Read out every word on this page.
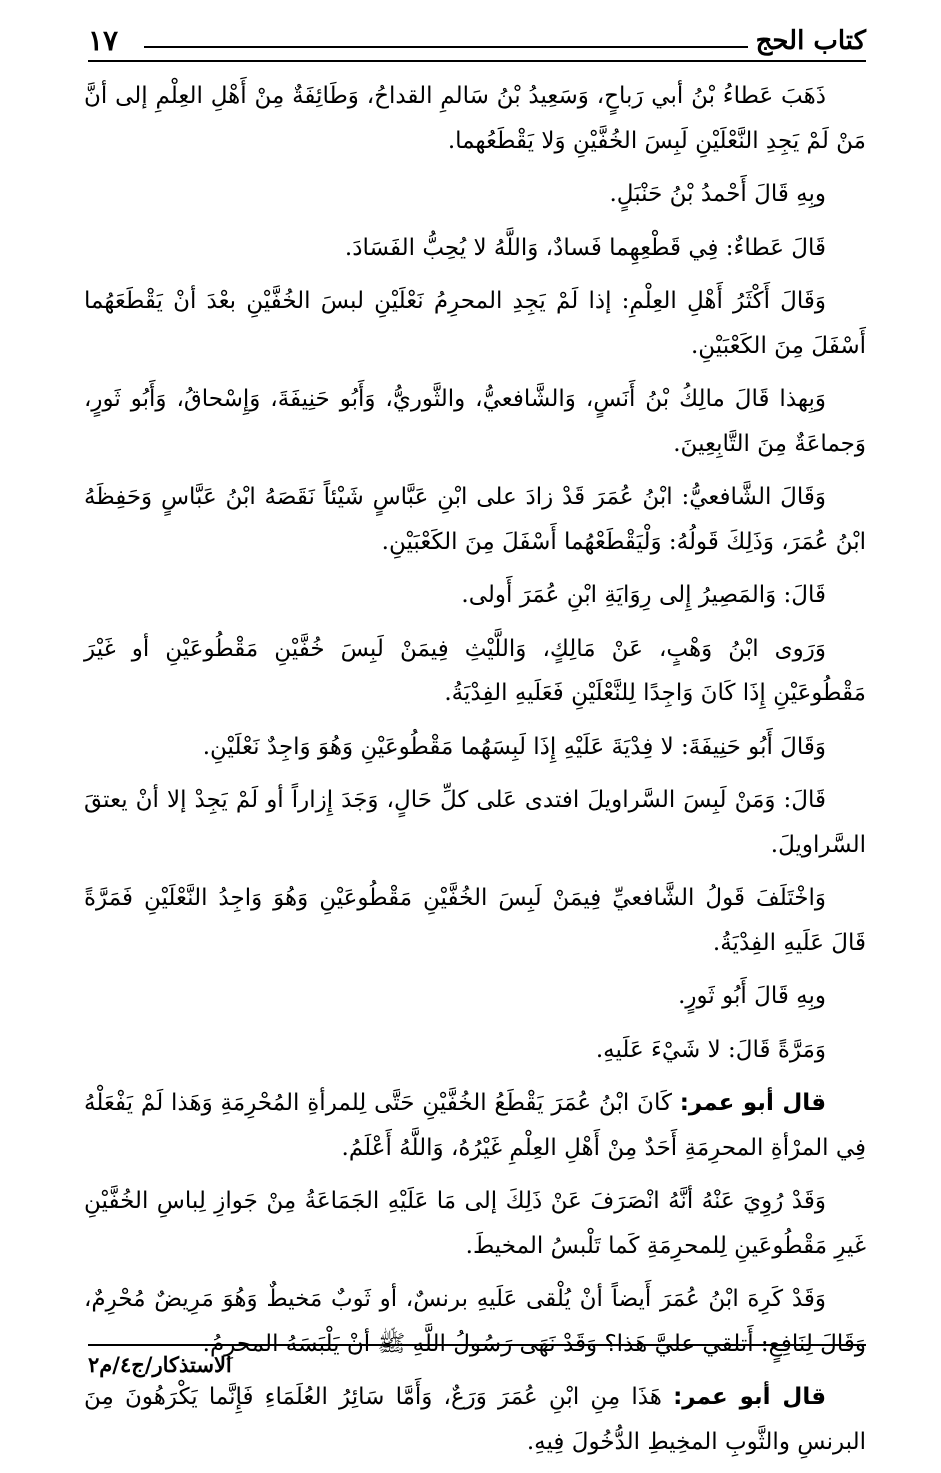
كتاب الحج
١٧

ذَهَبَ عَطاءُ بْنُ أبي رَباحٍ، وَسَعِيدُ بْنُ سَالمِ القداحُ، وَطَائِفَةٌ مِنْ أَهْلِ العِلْمِ إلى أنَّ مَنْ لَمْ يَجِدِ النَّعْلَيْنِ لَبِسَ الخُفَّيْنِ وَلا يَقْطَعُهما.

وبِهِ قَالَ أَحْمدُ بْنُ حَنْبَلٍ.

قَالَ عَطاءٌ: فِي قَطْعِهِما فَسادٌ، وَاللَّهُ لا يُحِبُّ الفَسَادَ.

وَقَالَ أَكْثَرُ أَهْلِ العِلْمِ: إذا لَمْ يَجِدِ المحرِمُ نَعْلَيْنِ لبسَ الخُفَّيْنِ بعْدَ أنْ يَقْطَعَهُما أَسْفَلَ مِنَ الكَعْبَيْنِ.

وَبِهذا قَالَ مالِكُ بْنُ أَنَسٍ، وَالشَّافعيُّ، والثَّوريُّ، وَأَبُو حَنِيفَةَ، وَإِسْحاقُ، وَأَبُو ثَورٍ، وَجماعَةٌ مِنَ التَّابِعِينَ.

وَقَالَ الشَّافعيُّ: ابْنُ عُمَرَ قَدْ زادَ على ابْنِ عَبَّاسٍ شَيْئاً نَقَصَهُ ابْنُ عَبَّاسٍ وَحَفِظَهُ ابْنُ عُمَرَ، وَذَلِكَ قَولُهُ: وَلْيَقْطَعْهُما أَسْفَلَ مِنَ الكَعْبَيْنِ.

قَالَ: وَالمَصِيرُ إِلى رِوَايَةِ ابْنِ عُمَرَ أَولى.

وَرَوى ابْنُ وَهْبٍ، عَنْ مَالِكٍ، وَاللَّيْثِ فِيمَنْ لَبِسَ خُفَّيْنِ مَقْطُوعَيْنِ أو غَيْرَ مَقْطُوعَيْنِ إِذَا كَانَ وَاجِدًا لِلنَّعْلَيْنِ فَعَلَيهِ الفِدْيَةُ.

وَقَالَ أَبُو حَنِيفَةَ: لا فِدْيَةَ عَلَيْهِ إِذَا لَبِسَهُما مَقْطُوعَيْنِ وَهُوَ وَاجِدٌ نَعْلَيْنِ.

قَالَ: وَمَنْ لَبِسَ السَّراويلَ افتدى عَلى كلِّ حَالٍ، وَجَدَ إِزاراً أو لَمْ يَجِدْ إلا أنْ يعتقَ السَّراويلَ.

وَاخْتَلَفَ قَولُ الشَّافعيِّ فِيمَنْ لَبِسَ الخُفَّيْنِ مَقْطُوعَيْنِ وَهُوَ وَاجِدُ النَّعْلَيْنِ فَمَرَّةً قَالَ عَلَيهِ الفِدْيَةُ.

وبِهِ قَالَ أَبُو ثَورٍ.

وَمَرَّةً قَالَ: لا شَيْءَ عَلَيهِ.

قال أبو عمر: كَانَ ابْنُ عُمَرَ يَقْطَعُ الخُفَّيْنِ حَتَّى لِلمرأةِ المُحْرِمَةِ وَهَذا لَمْ يَفْعَلْهُ فِي المرْأةِ المحرِمَةِ أَحَدٌ مِنْ أَهْلِ العِلْمِ غَيْرُهُ، وَاللَّهُ أَعْلَمُ.

وَقَدْ رُوِيَ عَنْهُ أنَّهُ انْصَرَفَ عَنْ ذَلِكَ إلى مَا عَلَيْهِ الجَمَاعَةُ مِنْ جَوازِ لِباسِ الخُفَّيْنِ غَيرِ مَقْطُوعَينِ لِلمحرِمَةِ كَما تَلْبسُ المخيطَ.

وَقَدْ كَرِهَ ابْنُ عُمَرَ أَيضاً أنْ يُلْقى عَلَيهِ برنسٌ، أو ثَوبٌ مَخيطٌ وَهُوَ مَرِيضٌ مُحْرِمٌ، وَقَالَ لِنَافِعٍ: أَتلقي عليَّ هَذا؟ وَقَدْ نَهَى رَسُولُ اللَّهِ ﷺ أنْ يَلْبَسَهُ المحرِمُ.

قال أبو عمر: هَذَا مِنِ ابْنِ عُمَرَ وَرَعٌ، وَأَمَّا سَائِرُ العُلَمَاءِ فَإِنَّما يَكْرَهُونَ مِنَ البرنسِ والثَّوبِ المخِيطِ الدُّخُولَ فِيهِ.

الاستذكار/ج٤/م٢
